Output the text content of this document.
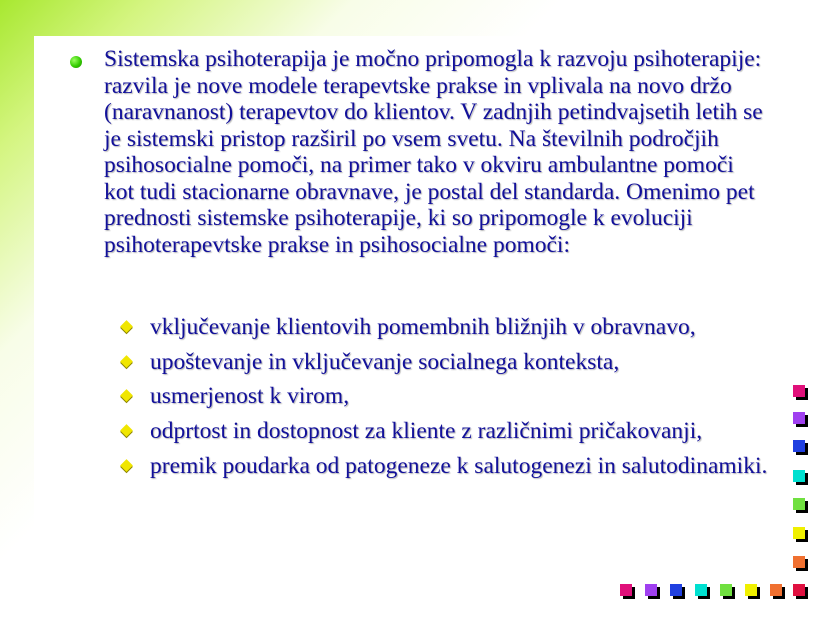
Sistemska psihoterapija je močno pripomogla k razvoju psihoterapije: razvila je nove modele terapevtske prakse in vplivala na novo držo (naravnanost) terapevtov do klientov. V zadnjih petindvajsetih letih se je sistemski pristop razširil po vsem svetu. Na številnih področjih psihosocialne pomoči, na primer tako v okviru ambulantne pomoči kot tudi stacionarne obravnave, je postal del standarda. Omenimo pet prednosti sistemske psihoterapije, ki so pripomogle k evoluciji psihoterapevtske prakse in psihosocialne pomoči:

vključevanje klientovih pomembnih bližnjih v obravnavo,
upoštevanje in vključevanje socialnega konteksta,
usmerjenost k virom,
odprtost in dostopnost za kliente z različnimi pričakovanji,
premik poudarka od patogeneze k salutogenezi in salutodinamiki.
